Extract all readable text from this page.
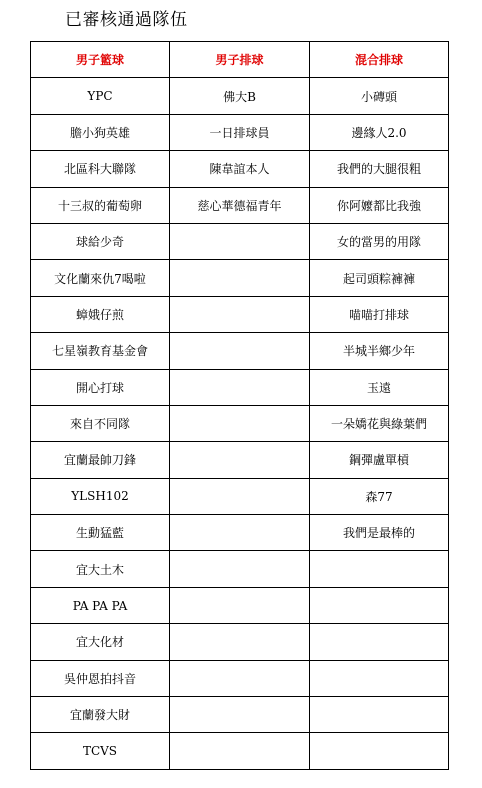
已審核通過隊伍
男子籃球	男子排球	混合排球
YPC	佛大B	小磚頭
膽小狗英雄	一日排球員	邊緣人2.0
北區科大聯隊	陳韋誼本人	我們的大腿很粗
十三叔的葡萄卵	慈心華德福青年	你阿嬤都比我強
球給少奇		女的當男的用隊
文化蘭來仇7喝啦		起司頭粽褲褲
蟑娥仔煎		喵喵打排球
七星嶺教育基金會		半城半鄉少年
開心打球		玉遠
來自不同隊		一朵嬌花與綠葉們
宜蘭最帥刀鋒		鋼彈盧單槓
YLSH102		森77
生動猛藍		我們是最棒的
宜大土木		
PA PA PA		
宜大化材		
吳仲恩拍抖音		
宜蘭發大財		
TCVS		
